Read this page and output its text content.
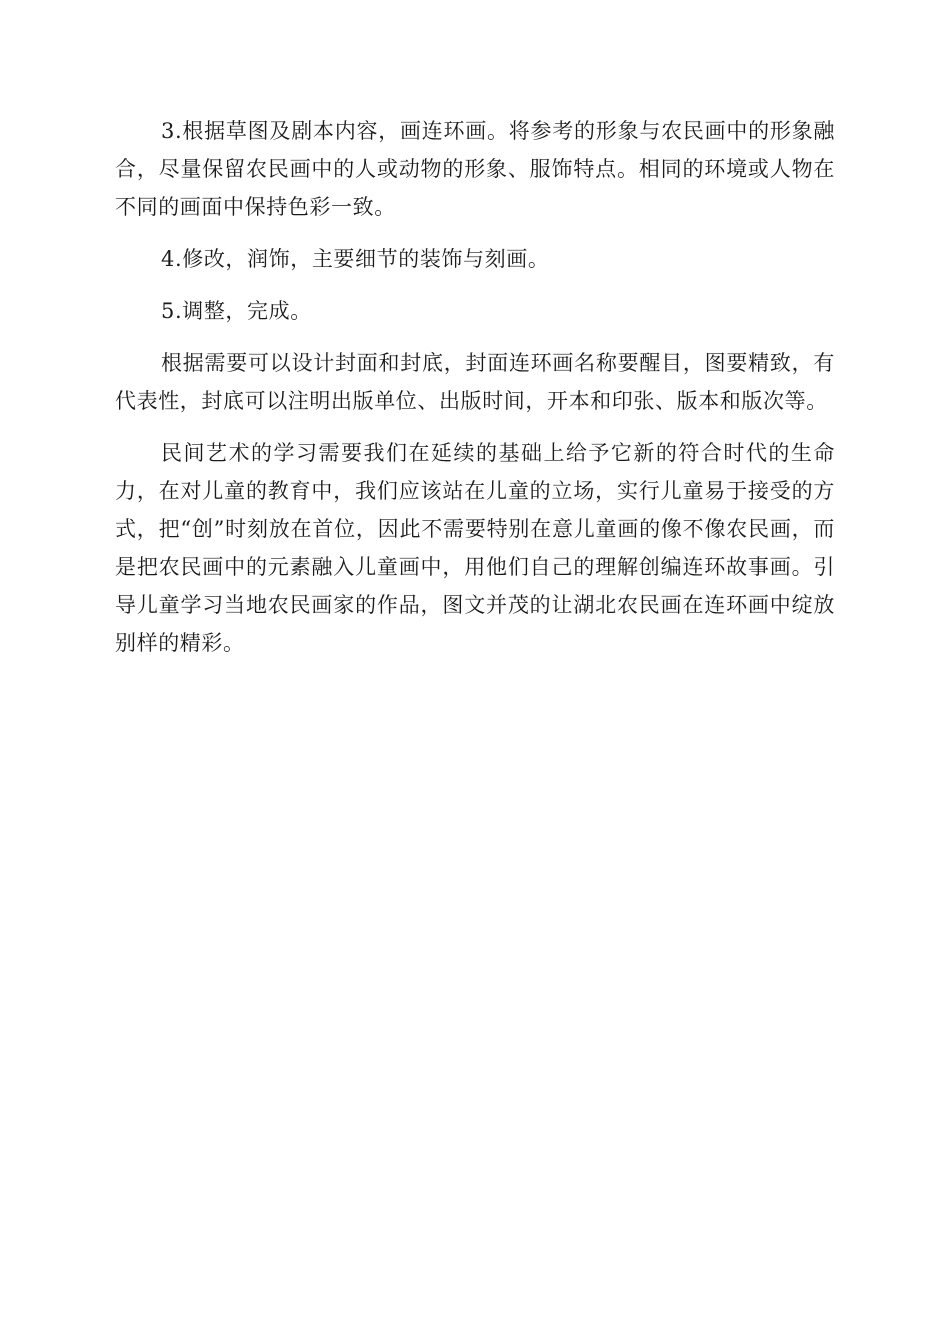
3.根据草图及剧本内容，画连环画。将参考的形象与农民画中的形象融合，尽量保留农民画中的人或动物的形象、服饰特点。相同的环境或人物在不同的画面中保持色彩一致。

4.修改，润饰，主要细节的装饰与刻画。

5.调整，完成。

根据需要可以设计封面和封底，封面连环画名称要醒目，图要精致，有代表性，封底可以注明出版单位、出版时间，开本和印张、版本和版次等。

民间艺术的学习需要我们在延续的基础上给予它新的符合时代的生命力，在对儿童的教育中，我们应该站在儿童的立场，实行儿童易于接受的方式，把“创”时刻放在首位，因此不需要特别在意儿童画的像不像农民画，而是把农民画中的元素融入儿童画中，用他们自己的理解创编连环故事画。引导儿童学习当地农民画家的作品，图文并茂的让湖北农民画在连环画中绽放别样的精彩。
